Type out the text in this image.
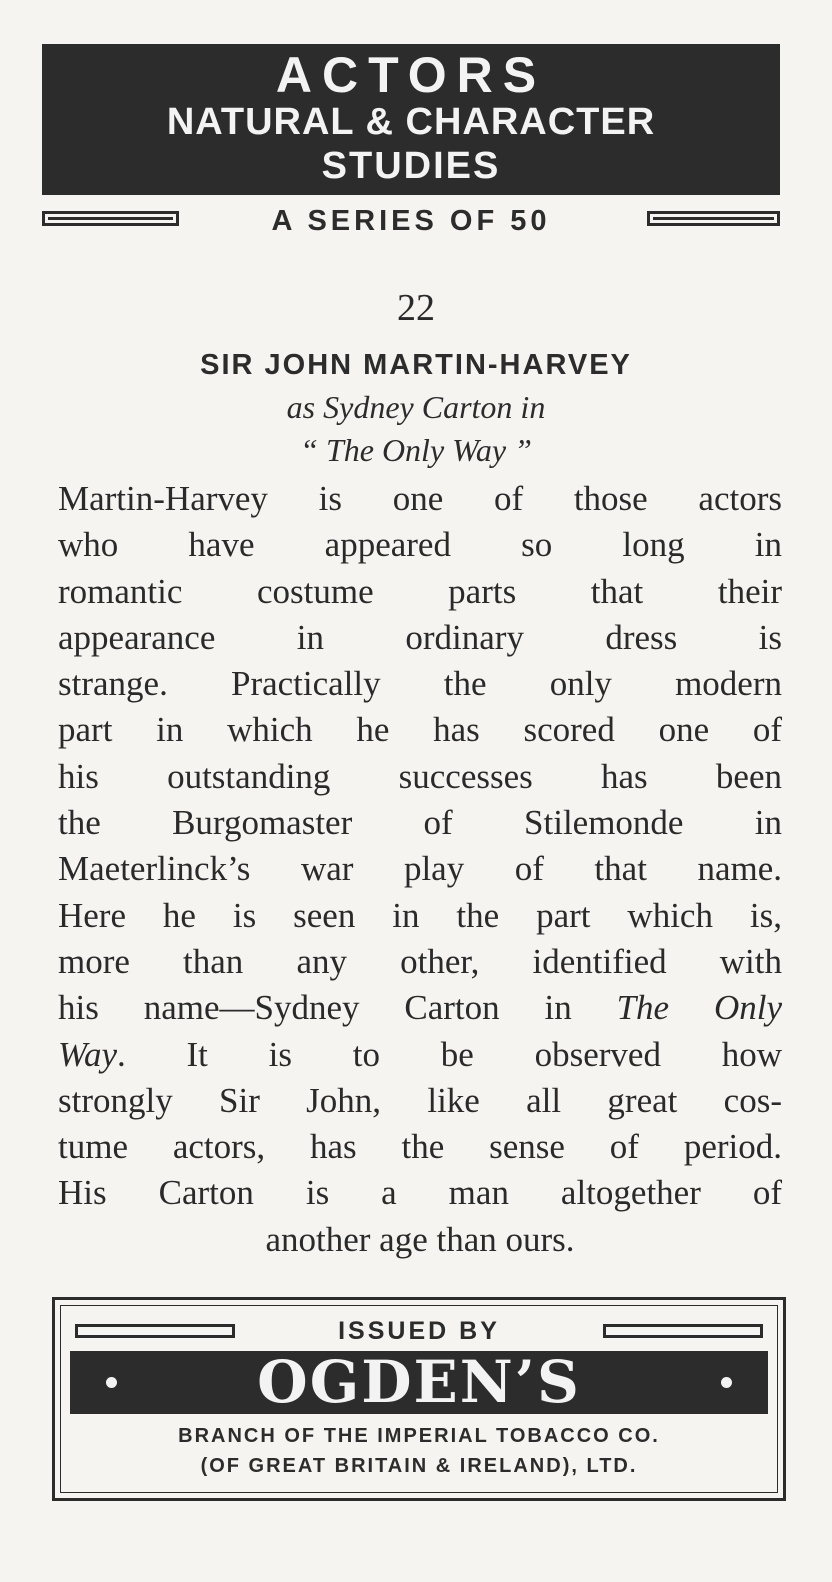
ACTORS
NATURAL & CHARACTER
STUDIES
A SERIES OF 50
22
SIR JOHN MARTIN-HARVEY
as Sydney Carton in
“ The Only Way ”
Martin-Harvey is one of those actors
who have appeared so long in
romantic costume parts that their
appearance in ordinary dress is
strange. Practically the only modern
part in which he has scored one of
his outstanding successes has been
the Burgomaster of Stilemonde in
Maeterlinck’s war play of that name.
Here he is seen in the part which is,
more than any other, identified with
his name—Sydney Carton in The Only
Way. It is to be observed how
strongly Sir John, like all great cos-
tume actors, has the sense of period.
His Carton is a man altogether of
another age than ours.
ISSUED BY
OGDEN’S
BRANCH OF THE IMPERIAL TOBACCO CO.
(OF GREAT BRITAIN & IRELAND), LTD.
